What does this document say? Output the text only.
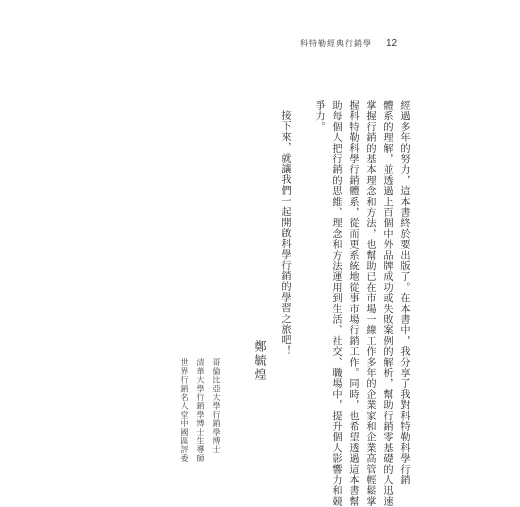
科特勒經典行銷學 12
經過多年的努力，這本書終於要出版了。在本書中，我分享了我對科特勒科學行銷
體系的理解，並透過上百個中外品牌成功或失敗案例的解析，幫助行銷零基礎的人迅速
掌握行銷的基本理念和方法，也幫助已在市場一線工作多年的企業家和企業高管輕鬆掌
握科特勒科學行銷體系，從而更系統地從事市場行銷工作。同時，也希望透過這本書幫
助每個人把行銷的思維、理念和方法運用到生活、社交、職場中，提升個人影響力和競
爭力。
接下來，就讓我們一起開啟科學行銷的學習之旅吧！
鄭毓煌
哥倫比亞大學行銷學博士
清華大學行銷學博士生導師
世界行銷名人堂中國區評委
